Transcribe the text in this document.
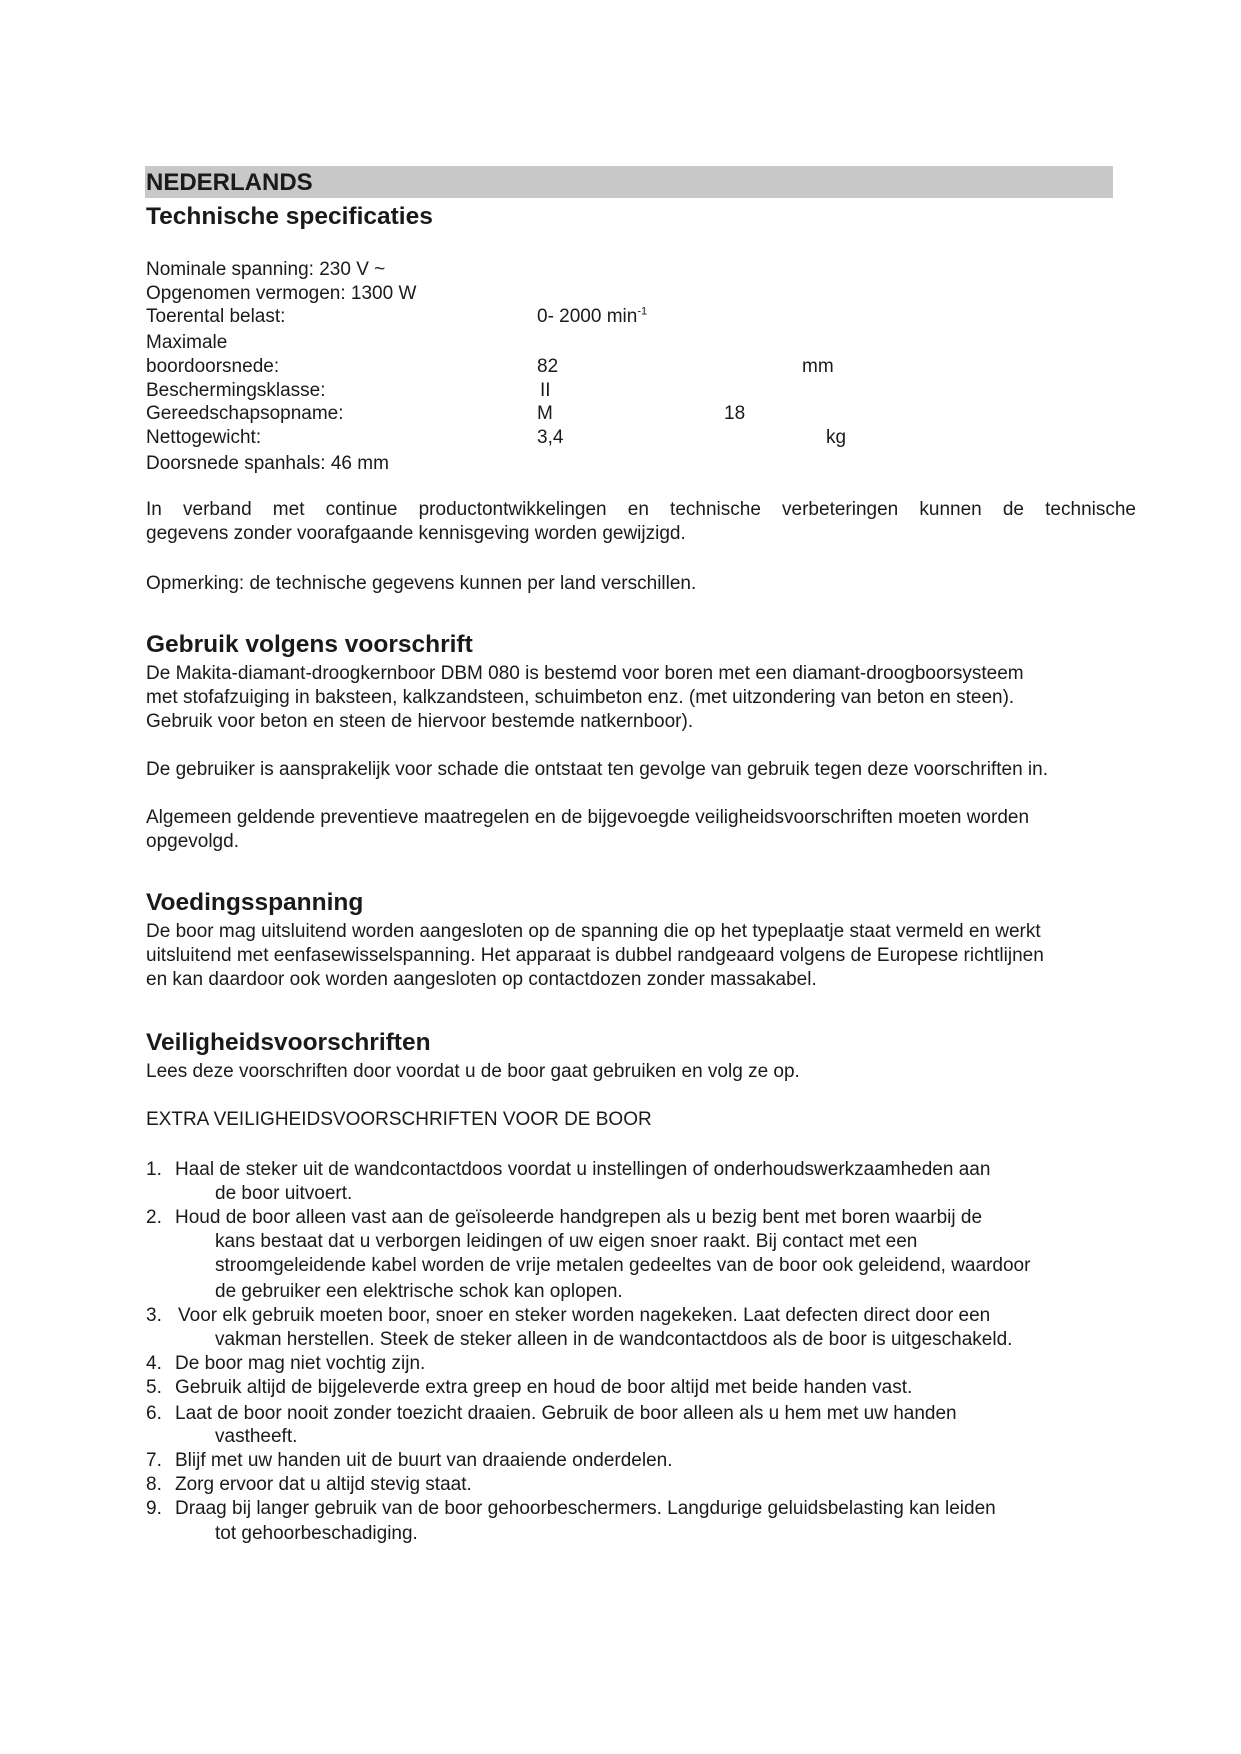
NEDERLANDS
Technische specificaties
Nominale spanning: 230 V ~
Opgenomen vermogen: 1300 W
Toerental belast:	0- 2000 $\min^{-1}$
Maximale
boordoorsnede:	82	mm
Beschermingsklasse:	II
Gereedschapsopname:	M	18
Nettogewicht:	3,4	kg
Doorsnede spanhals: 46 mm
In verband met continue productontwikkelingen en technische verbeteringen kunnen de technische
gegevens zonder voorafgaande kennisgeving worden gewijzigd.
Opmerking: de technische gegevens kunnen per land verschillen.
Gebruik volgens voorschrift
De Makita-diamant-droogkernboor DBM 080 is bestemd voor boren met een diamant-droogboorsysteem
met stofafzuiging in baksteen, kalkzandsteen, schuimbeton enz. (met uitzondering van beton en steen).
Gebruik voor beton en steen de hiervoor bestemde natkernboor).
De gebruiker is aansprakelijk voor schade die ontstaat ten gevolge van gebruik tegen deze voorschriften in.
Algemeen geldende preventieve maatregelen en de bijgevoegde veiligheidsvoorschriften moeten worden
opgevolgd.
Voedingsspanning
De boor mag uitsluitend worden aangesloten op de spanning die op het typeplaatje staat vermeld en werkt
uitsluitend met eenfasewisselspanning. Het apparaat is dubbel randgeaard volgens de Europese richtlijnen
en kan daardoor ook worden aangesloten op contactdozen zonder massakabel.
Veiligheidsvoorschriften
Lees deze voorschriften door voordat u de boor gaat gebruiken en volg ze op.
EXTRA VEILIGHEIDSVOORSCHRIFTEN VOOR DE BOOR
1. Haal de steker uit de wandcontactdoos voordat u instellingen of onderhoudswerkzaamheden aan
de boor uitvoert.
2. Houd de boor alleen vast aan de geïsoleerde handgrepen als u bezig bent met boren waarbij de
kans bestaat dat u verborgen leidingen of uw eigen snoer raakt. Bij contact met een
stroomgeleidende kabel worden de vrije metalen gedeeltes van de boor ook geleidend, waardoor
de gebruiker een elektrische schok kan oplopen.
3. Voor elk gebruik moeten boor, snoer en steker worden nagekeken. Laat defecten direct door een
vakman herstellen. Steek de steker alleen in de wandcontactdoos als de boor is uitgeschakeld.
4. De boor mag niet vochtig zijn.
5. Gebruik altijd de bijgeleverde extra greep en houd de boor altijd met beide handen vast.
6. Laat de boor nooit zonder toezicht draaien. Gebruik de boor alleen als u hem met uw handen
vastheeft.
7. Blijf met uw handen uit de buurt van draaiende onderdelen.
8. Zorg ervoor dat u altijd stevig staat.
9. Draag bij langer gebruik van de boor gehoorbeschermers. Langdurige geluidsbelasting kan leiden
tot gehoorbeschadiging.
